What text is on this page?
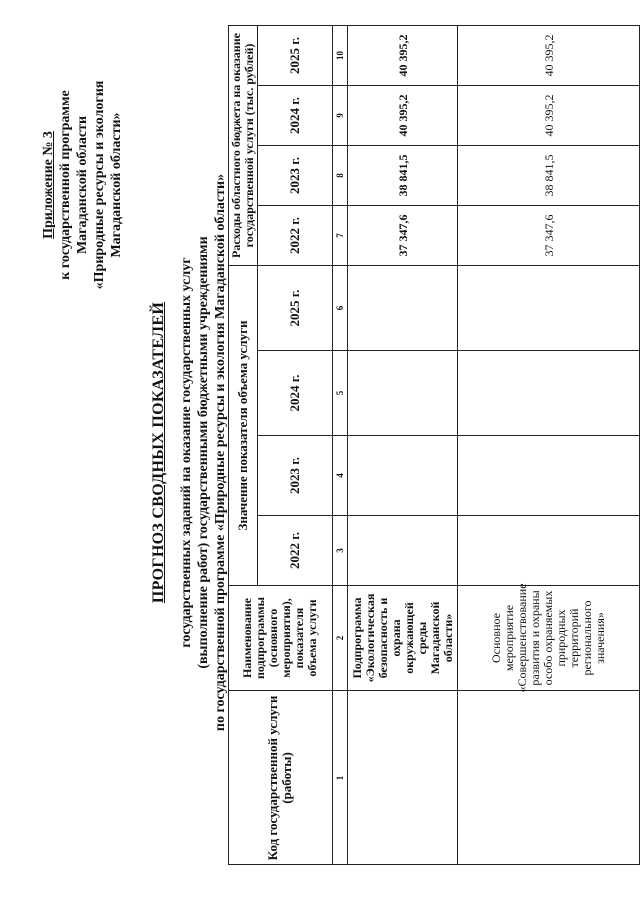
Приложение № 3 к государственной программе Магаданской области «Природные ресурсы и экология Магаданской области»
ПРОГНОЗ СВОДНЫХ ПОКАЗАТЕЛЕЙ государственных заданий на оказание государственных услуг (выполнение работ) государственными бюджетными учреждениями по государственной программе «Природные ресурсы и экология Магаданской области»
Код государственной услуги (работы)
Наименование подпрограммы (основного мероприятия), показателя объема услуги
Значение показателя объема услуги
Расходы областного бюджета на оказание государственной услуги (тыс. рублей)
2022 г.
2023 г.
2024 г.
2025 г.
2022 г.
2023 г.
2024 г.
2025 г.
1
2
3
4
5
6
7
8
9
10
Подпрограмма «Экологическая безопасность и охрана окружающей среды Магаданской области»
37 347,6
38 841,5
40 395,2
40 395,2
Основное мероприятие «Совершенствование развития и охраны особо охраняемых природных территорий регионального значения»
37 347,6
38 841,5
40 395,2
40 395,2
